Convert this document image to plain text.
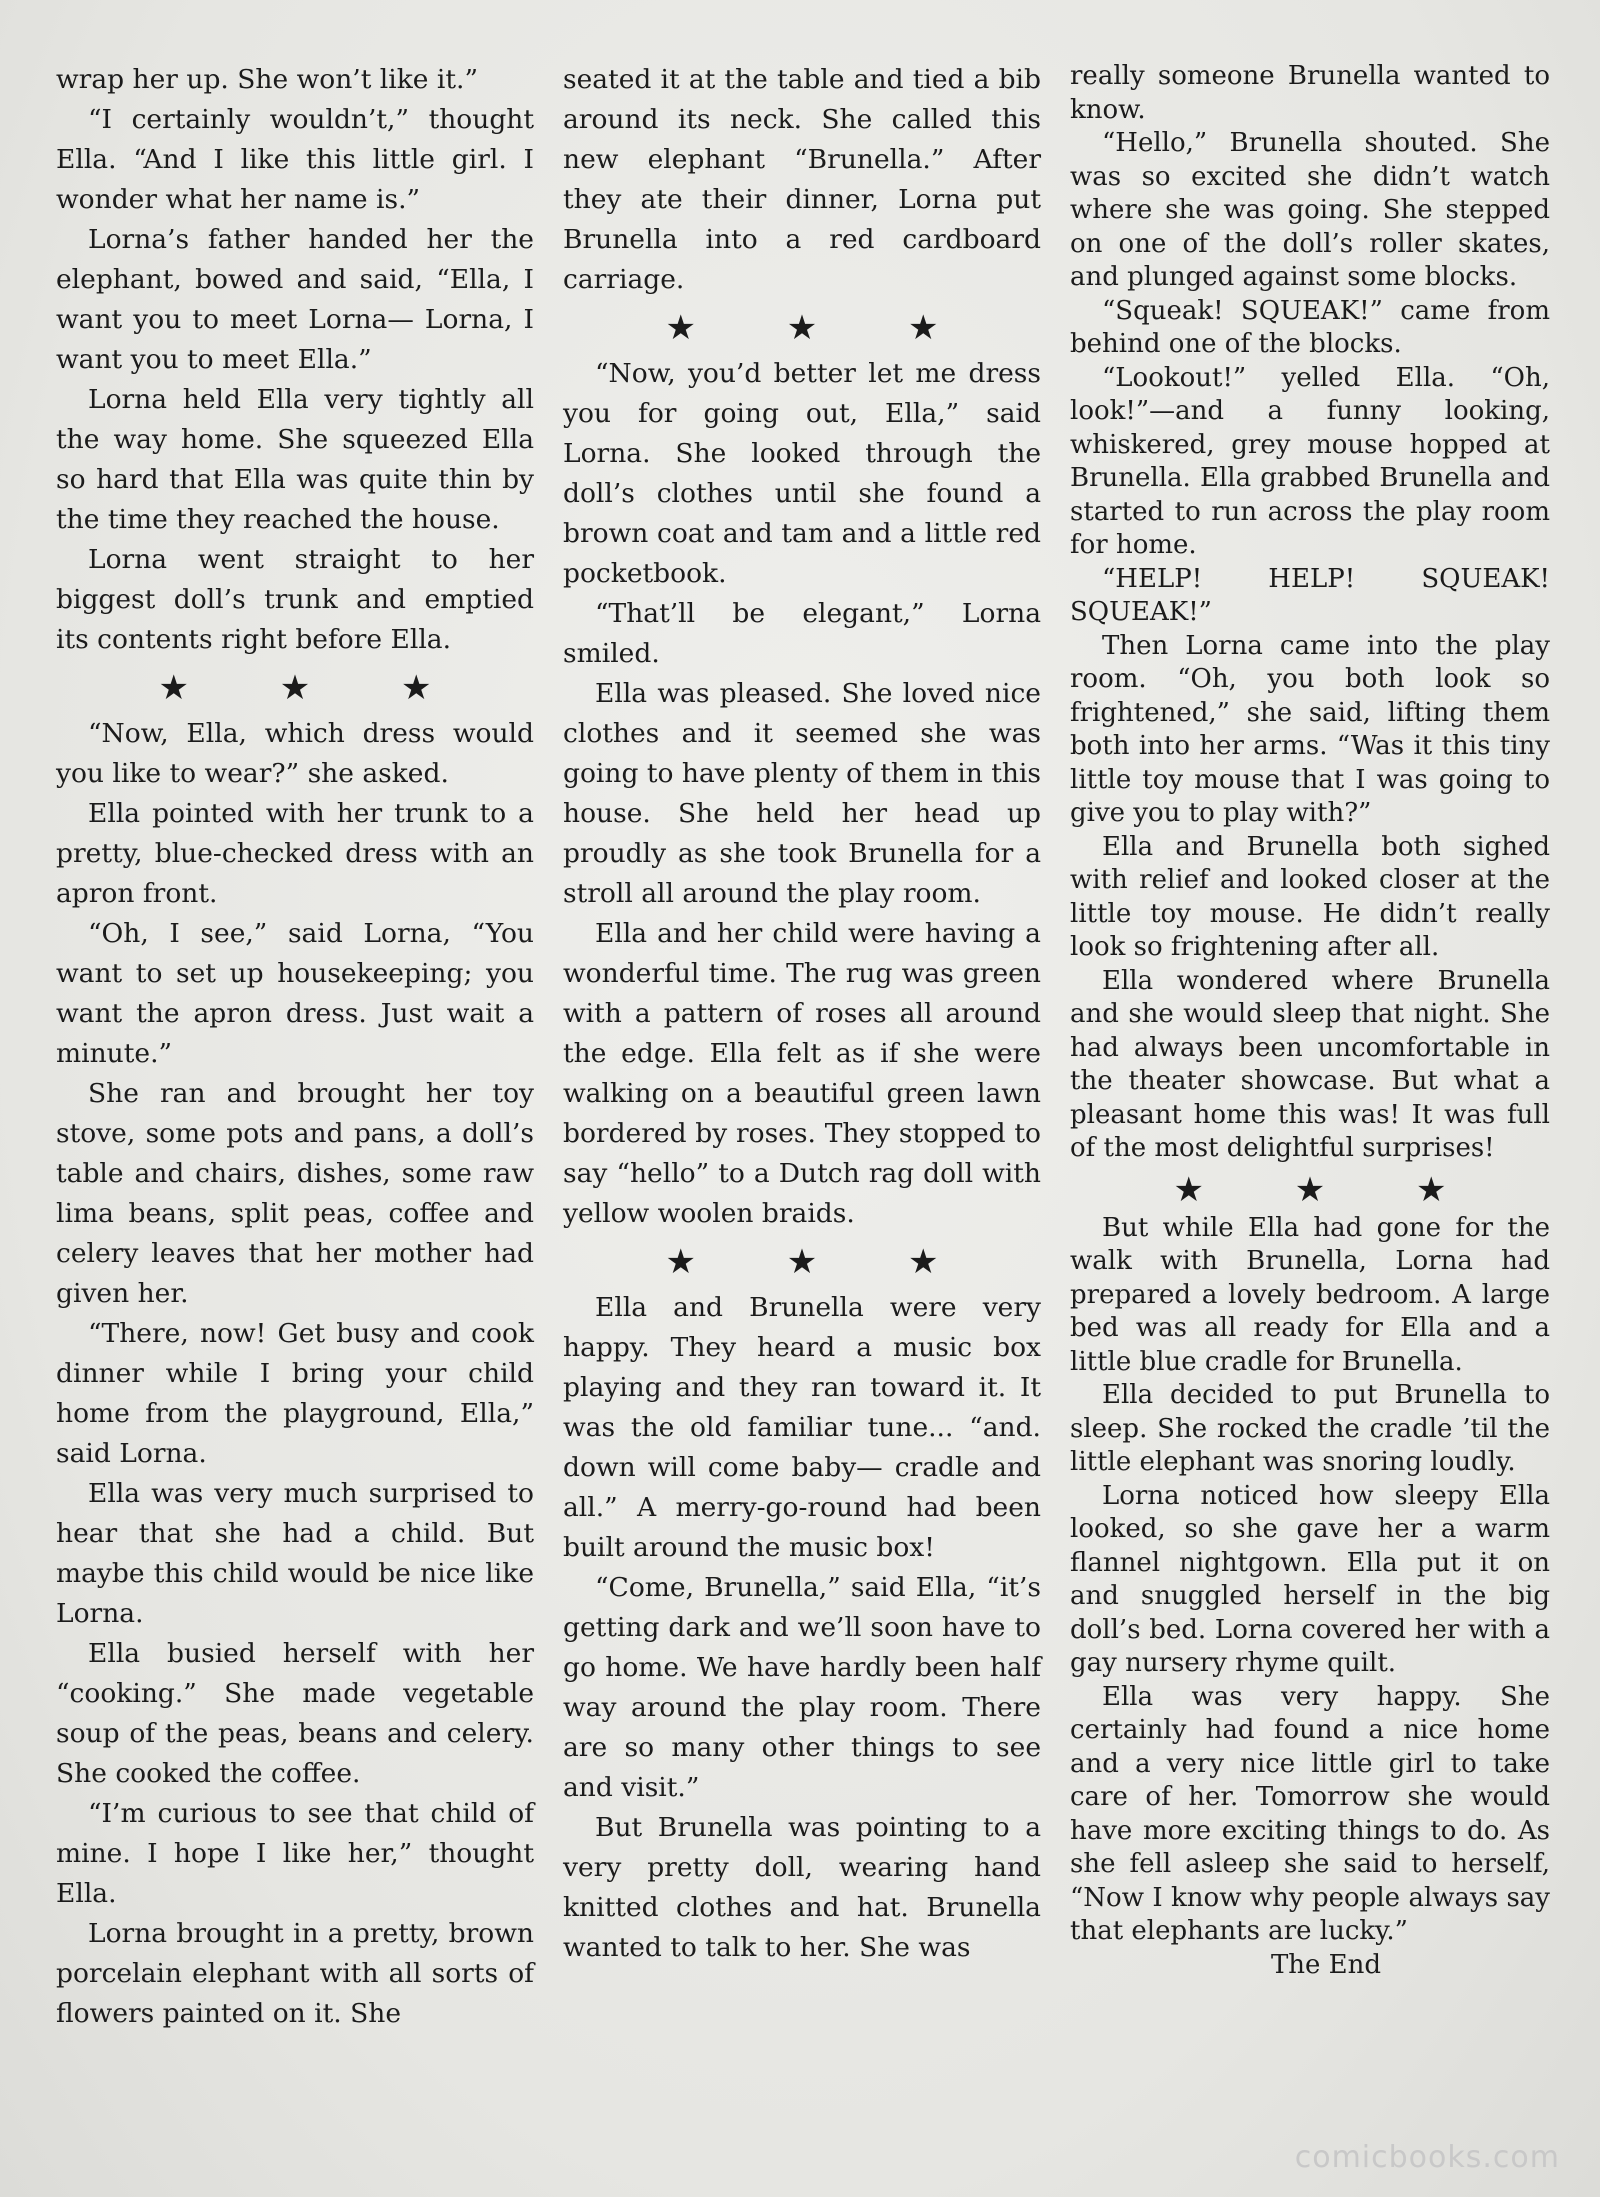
wrap her up. She won’t like it.”

“I certainly wouldn’t,” thought Ella. “And I like this little girl. I wonder what her name is.”

Lorna’s father handed her the elephant, bowed and said, “Ella, I want you to meet Lorna— Lorna, I want you to meet Ella.”

Lorna held Ella very tightly all the way home. She squeezed Ella so hard that Ella was quite thin by the time they reached the house.

Lorna went straight to her biggest doll’s trunk and emptied its contents right before Ella.

★ ★ ★

“Now, Ella, which dress would you like to wear?” she asked.

Ella pointed with her trunk to a pretty, blue-checked dress with an apron front.

“Oh, I see,” said Lorna, “You want to set up housekeeping; you want the apron dress. Just wait a minute.”

She ran and brought her toy stove, some pots and pans, a doll’s table and chairs, dishes, some raw lima beans, split peas, coffee and celery leaves that her mother had given her.

“There, now! Get busy and cook dinner while I bring your child home from the playground, Ella,” said Lorna.

Ella was very much surprised to hear that she had a child. But maybe this child would be nice like Lorna.

Ella busied herself with her “cooking.” She made vegetable soup of the peas, beans and celery. She cooked the coffee.

“I’m curious to see that child of mine. I hope I like her,” thought Ella.

Lorna brought in a pretty, brown porcelain elephant with all sorts of flowers painted on it. She

seated it at the table and tied a bib around its neck. She called this new elephant “Brunella.” After they ate their dinner, Lorna put Brunella into a red cardboard carriage.

★ ★ ★

“Now, you’d better let me dress you for going out, Ella,” said Lorna. She looked through the doll’s clothes until she found a brown coat and tam and a little red pocketbook.

“That’ll be elegant,” Lorna smiled.

Ella was pleased. She loved nice clothes and it seemed she was going to have plenty of them in this house. She held her head up proudly as she took Brunella for a stroll all around the play room.

Ella and her child were having a wonderful time. The rug was green with a pattern of roses all around the edge. Ella felt as if she were walking on a beautiful green lawn bordered by roses. They stopped to say “hello” to a Dutch rag doll with yellow woolen braids.

★ ★ ★

Ella and Brunella were very happy. They heard a music box playing and they ran toward it. It was the old familiar tune... “and. down will come baby— cradle and all.” A merry-go-round had been built around the music box!

“Come, Brunella,” said Ella, “it’s getting dark and we’ll soon have to go home. We have hardly been half way around the play room. There are so many other things to see and visit.”

But Brunella was pointing to a very pretty doll, wearing hand knitted clothes and hat. Brunella wanted to talk to her. She was

really someone Brunella wanted to know.

“Hello,” Brunella shouted. She was so excited she didn’t watch where she was going. She stepped on one of the doll’s roller skates, and plunged against some blocks.

“Squeak! SQUEAK!” came from behind one of the blocks.

“Lookout!” yelled Ella. “Oh, look!”—and a funny looking, whiskered, grey mouse hopped at Brunella. Ella grabbed Brunella and started to run across the play room for home.

“HELP! HELP! SQUEAK! SQUEAK!”

Then Lorna came into the play room. “Oh, you both look so frightened,” she said, lifting them both into her arms. “Was it this tiny little toy mouse that I was going to give you to play with?”

Ella and Brunella both sighed with relief and looked closer at the little toy mouse. He didn’t really look so frightening after all.

Ella wondered where Brunella and she would sleep that night. She had always been uncomfortable in the theater showcase. But what a pleasant home this was! It was full of the most delightful surprises!

★ ★ ★

But while Ella had gone for the walk with Brunella, Lorna had prepared a lovely bedroom. A large bed was all ready for Ella and a little blue cradle for Brunella.

Ella decided to put Brunella to sleep. She rocked the cradle ’til the little elephant was snoring loudly.

Lorna noticed how sleepy Ella looked, so she gave her a warm flannel nightgown. Ella put it on and snuggled herself in the big doll’s bed. Lorna covered her with a gay nursery rhyme quilt.

Ella was very happy. She certainly had found a nice home and a very nice little girl to take care of her. Tomorrow she would have more exciting things to do. As she fell asleep she said to herself, “Now I know why people always say that elephants are lucky.”

The End

comicbooks.com
